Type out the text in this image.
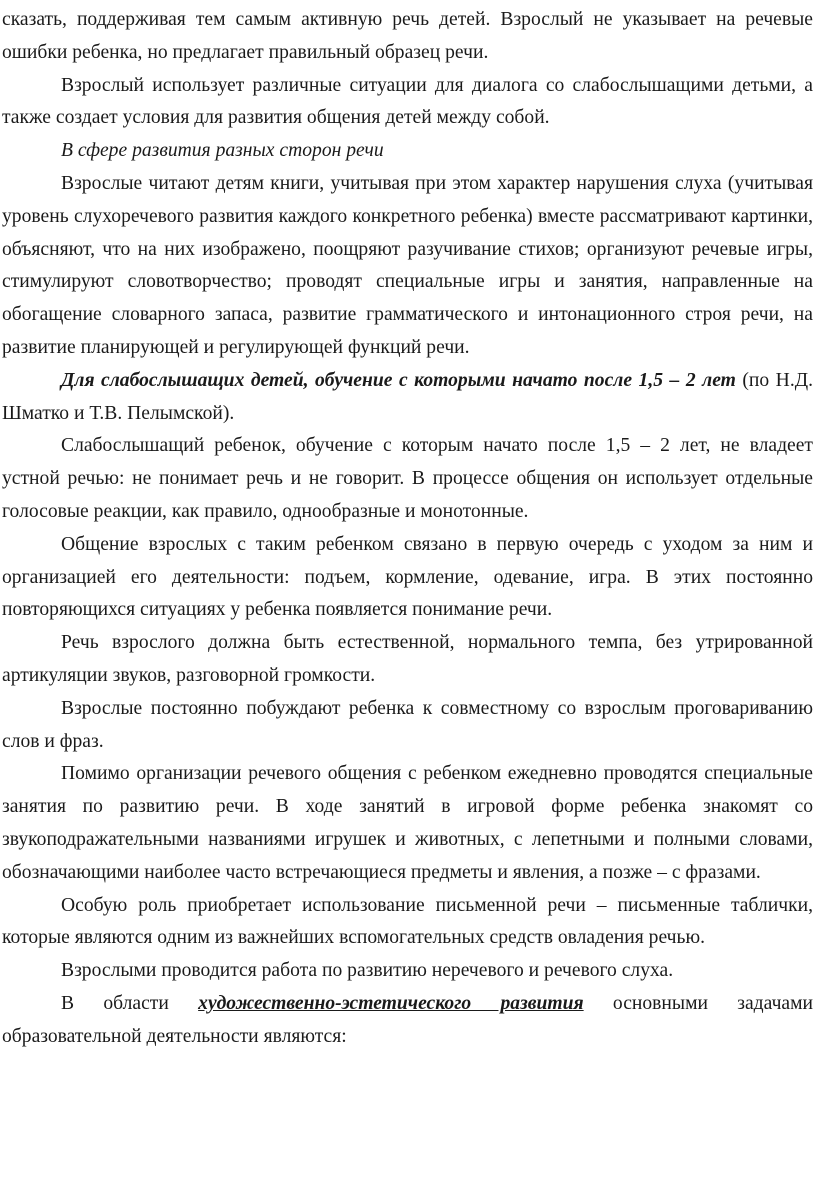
сказать, поддерживая тем самым активную речь детей. Взрослый не указывает на речевые ошибки ребенка, но предлагает правильный образец речи.

Взрослый использует различные ситуации для диалога со слабослышащими детьми, а также создает условия для развития общения детей между собой.

В сфере развития разных сторон речи

Взрослые читают детям книги, учитывая при этом характер нарушения слуха (учитывая уровень слухоречевого развития каждого конкретного ребенка) вместе рассматривают картинки, объясняют, что на них изображено, поощряют разучивание стихов; организуют речевые игры, стимулируют словотворчество; проводят специальные игры и занятия, направленные на обогащение словарного запаса, развитие грамматического и интонационного строя речи, на развитие планирующей и регулирующей функций речи.

Для слабослышащих детей, обучение с которыми начато после 1,5 – 2 лет (по Н.Д. Шматко и Т.В. Пелымской).

Слабослышащий ребенок, обучение с которым начато после 1,5 – 2 лет, не владеет устной речью: не понимает речь и не говорит. В процессе общения он использует отдельные голосовые реакции, как правило, однообразные и монотонные.

Общение взрослых с таким ребенком связано в первую очередь с уходом за ним и организацией его деятельности: подъем, кормление, одевание, игра. В этих постоянно повторяющихся ситуациях у ребенка появляется понимание речи.

Речь взрослого должна быть естественной, нормального темпа, без утрированной артикуляции звуков, разговорной громкости.

Взрослые постоянно побуждают ребенка к совместному со взрослым проговариванию слов и фраз.

Помимо организации речевого общения с ребенком ежедневно проводятся специальные занятия по развитию речи. В ходе занятий в игровой форме ребенка знакомят со звукоподражательными названиями игрушек и животных, с лепетными и полными словами, обозначающими наиболее часто встречающиеся предметы и явления, а позже – с фразами.

Особую роль приобретает использование письменной речи – письменные таблички, которые являются одним из важнейших вспомогательных средств овладения речью.

Взрослыми проводится работа по развитию неречевого и речевого слуха.

В области художественно-эстетического развития основными задачами образовательной деятельности являются:
